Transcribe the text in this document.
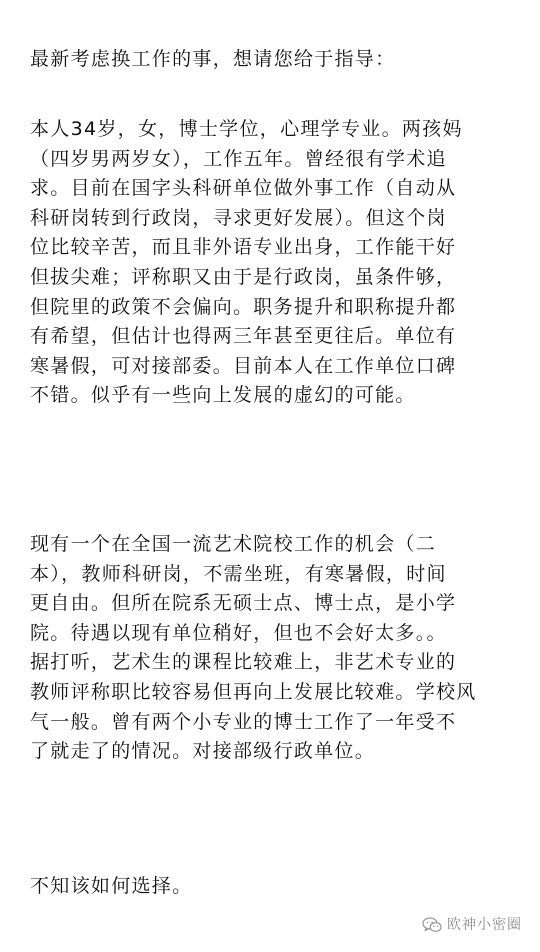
最新考虑换工作的事，想请您给于指导：

本人34岁，女，博士学位，心理学专业。两孩妈
（四岁男两岁女），工作五年。曾经很有学术追
求。目前在国字头科研单位做外事工作（自动从
科研岗转到行政岗，寻求更好发展）。但这个岗
位比较辛苦，而且非外语专业出身，工作能干好
但拔尖难；评称职又由于是行政岗，虽条件够，
但院里的政策不会偏向。职务提升和职称提升都
有希望，但估计也得两三年甚至更往后。单位有
寒暑假，可对接部委。目前本人在工作单位口碑
不错。似乎有一些向上发展的虚幻的可能。

现有一个在全国一流艺术院校工作的机会（二
本），教师科研岗，不需坐班，有寒暑假，时间
更自由。但所在院系无硕士点、博士点，是小学
院。待遇以现有单位稍好，但也不会好太多。。
据打听，艺术生的课程比较难上，非艺术专业的
教师评称职比较容易但再向上发展比较难。学校风
气一般。曾有两个小专业的博士工作了一年受不
了就走了的情况。对接部级行政单位。

不知该如何选择。

欧神小密圈
